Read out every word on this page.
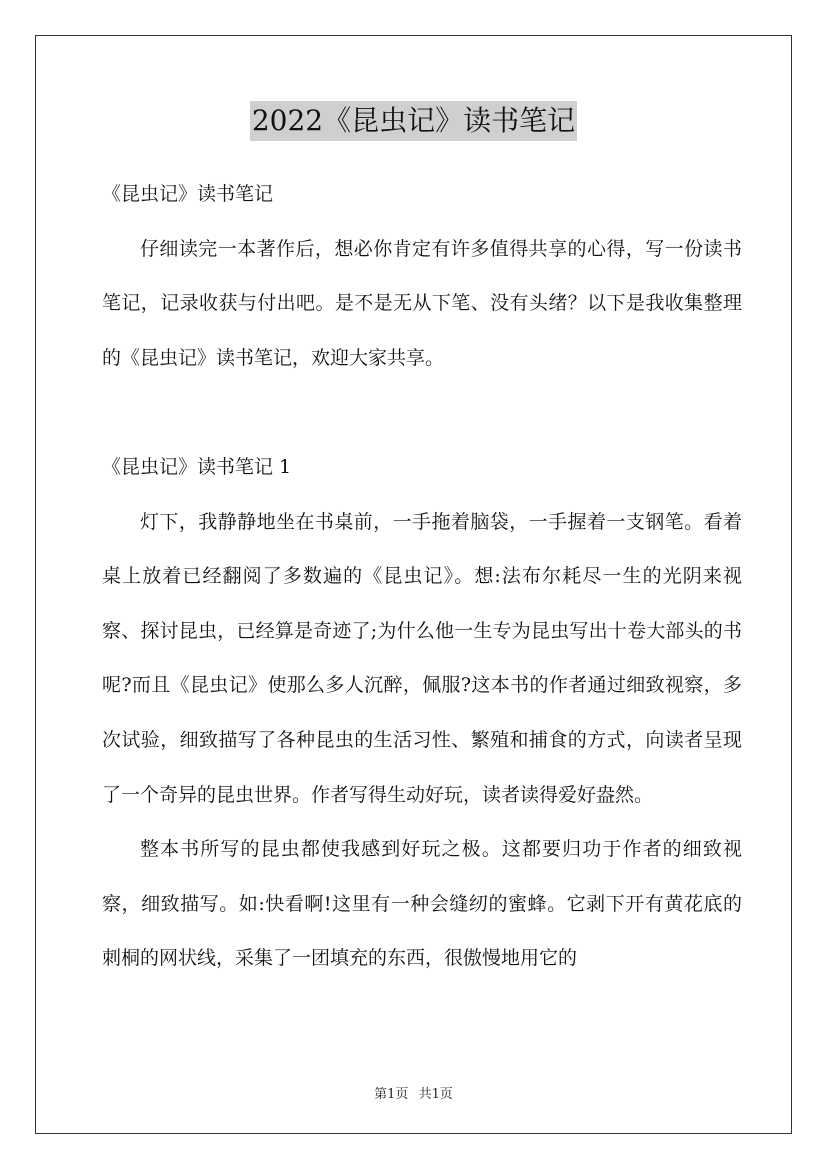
2022《昆虫记》读书笔记

《昆虫记》读书笔记

仔细读完一本著作后，想必你肯定有许多值得共享的心得，写一份读书笔记，记录收获与付出吧。是不是无从下笔、没有头绪？以下是我收集整理的《昆虫记》读书笔记，欢迎大家共享。

《昆虫记》读书笔记 1

灯下，我静静地坐在书桌前，一手拖着脑袋，一手握着一支钢笔。看着桌上放着已经翻阅了多数遍的《昆虫记》。想:法布尔耗尽一生的光阴来视察、探讨昆虫，已经算是奇迹了;为什么他一生专为昆虫写出十卷大部头的书呢?而且《昆虫记》使那么多人沉醉，佩服?这本书的作者通过细致视察，多次试验，细致描写了各种昆虫的生活习性、繁殖和捕食的方式，向读者呈现了一个奇异的昆虫世界。作者写得生动好玩，读者读得爱好盎然。

整本书所写的昆虫都使我感到好玩之极。这都要归功于作者的细致视察，细致描写。如:快看啊!这里有一种会缝纫的蜜蜂。它剥下开有黄花底的刺桐的网状线，采集了一团填充的东西，很傲慢地用它的

第1页 共1页
